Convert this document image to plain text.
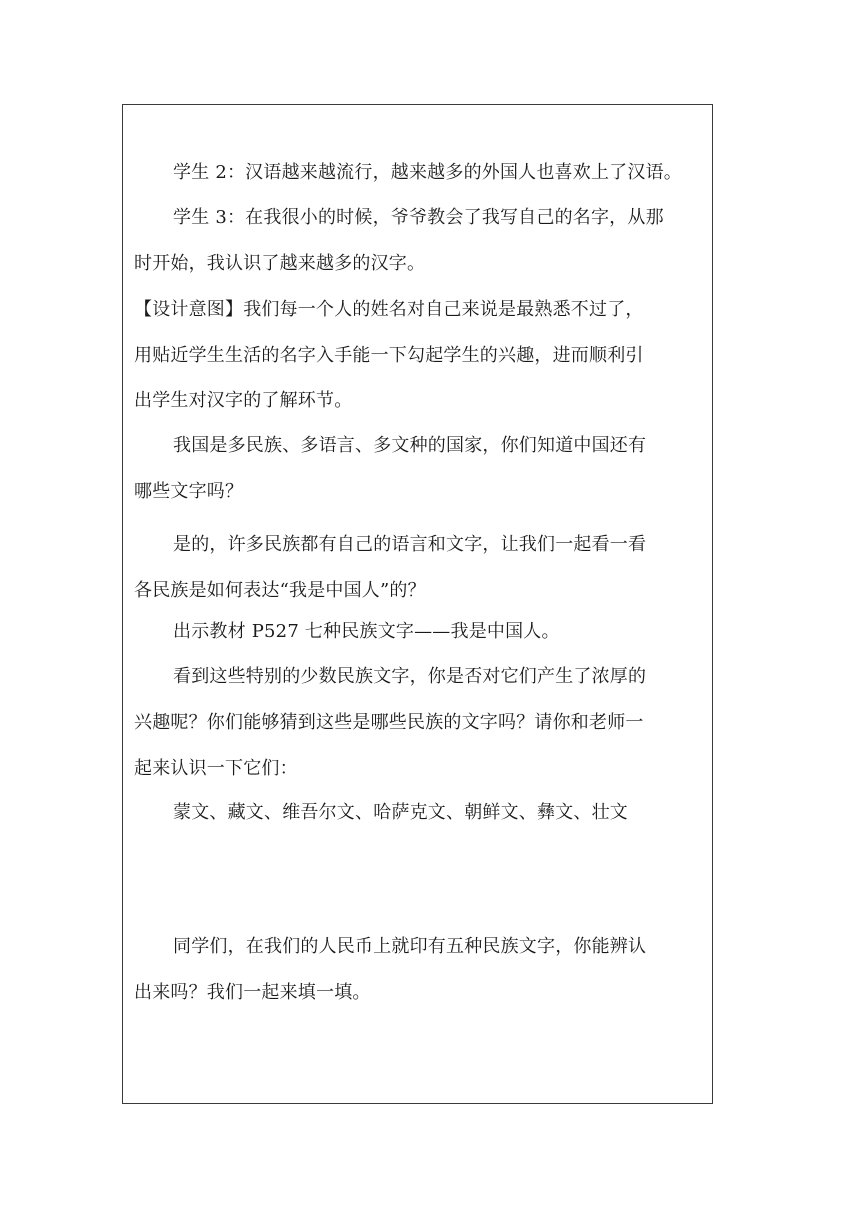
学生 2：汉语越来越流行，越来越多的外国人也喜欢上了汉语。
学生 3：在我很小的时候，爷爷教会了我写自己的名字，从那
时开始，我认识了越来越多的汉字。
【设计意图】我们每一个人的姓名对自己来说是最熟悉不过了，
用贴近学生生活的名字入手能一下勾起学生的兴趣，进而顺利引
出学生对汉字的了解环节。
我国是多民族、多语言、多文种的国家，你们知道中国还有
哪些文字吗？
是的，许多民族都有自己的语言和文字，让我们一起看一看
各民族是如何表达“我是中国人”的？
出示教材 P527 七种民族文字——我是中国人。
看到这些特别的少数民族文字，你是否对它们产生了浓厚的
兴趣呢？你们能够猜到这些是哪些民族的文字吗？请你和老师一
起来认识一下它们：
蒙文、藏文、维吾尔文、哈萨克文、朝鲜文、彝文、壮文
同学们，在我们的人民币上就印有五种民族文字，你能辨认
出来吗？我们一起来填一填。
